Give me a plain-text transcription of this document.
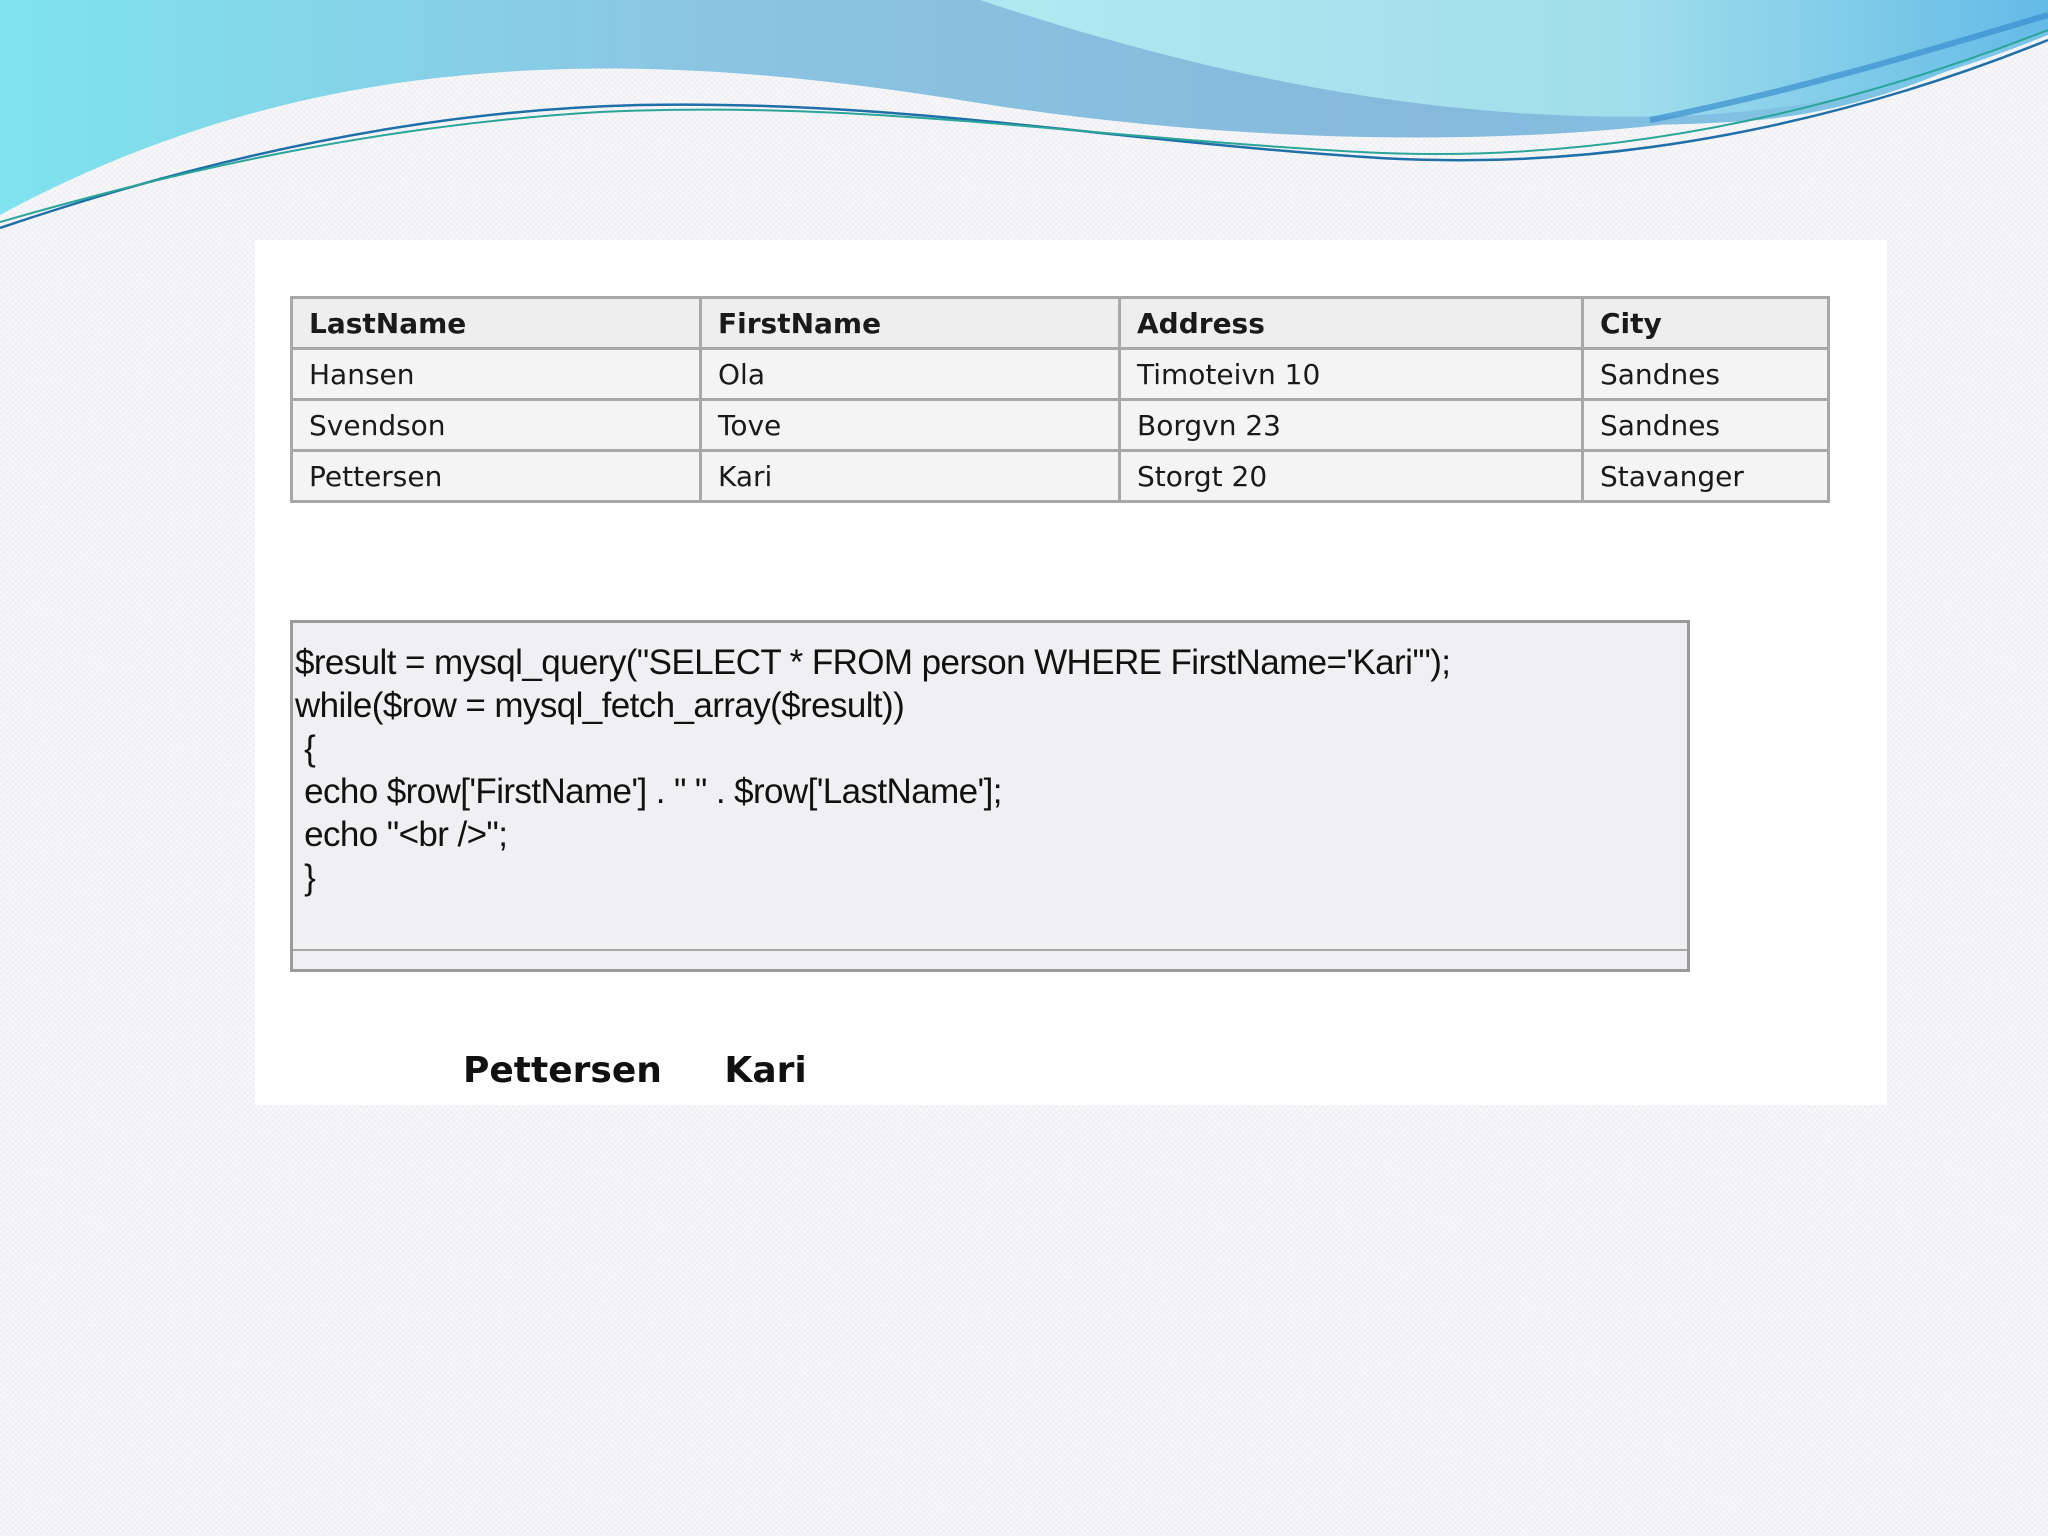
LastName	FirstName	Address	City
Hansen	Ola	Timoteivn 10	Sandnes
Svendson	Tove	Borgvn 23	Sandnes
Pettersen	Kari	Storgt 20	Stavanger
$result = mysql_query("SELECT * FROM person WHERE FirstName='Kari'");
while($row = mysql_fetch_array($result))
{
echo $row['FirstName'] . " " . $row['LastName'];
echo "<br />";
}
Pettersen Kari
